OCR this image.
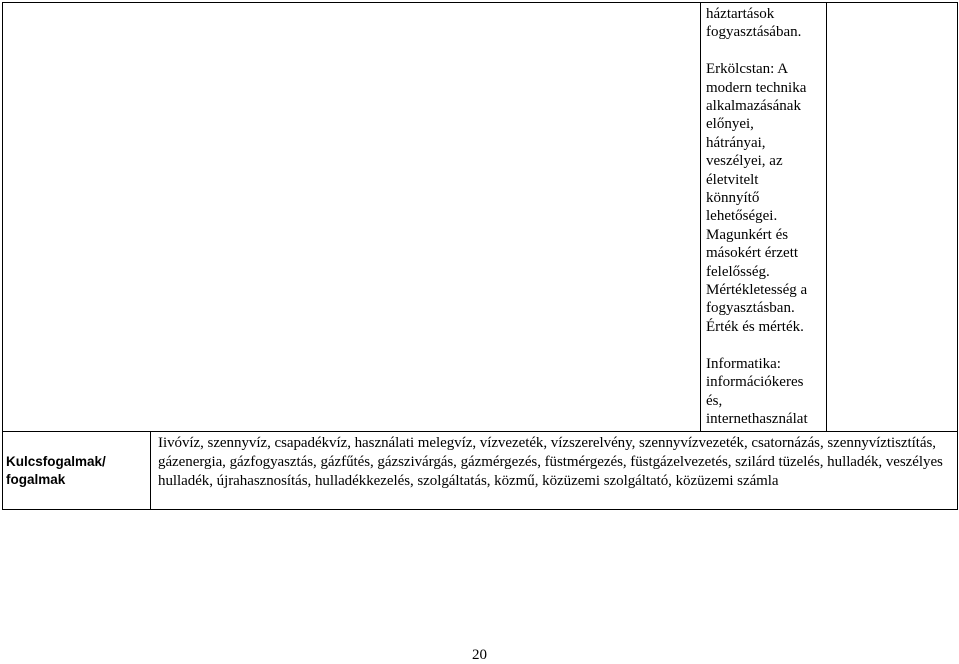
háztartások
fogyasztásában.

Erkölcstan: A
modern technika
alkalmazásának
előnyei,
hátrányai,
veszélyei, az
életvitelt
könnyítő
lehetőségei.
Magunkért és
másokért érzett
felelősség.
Mértékletesség a
fogyasztásban.
Érték és mérték.

Informatika:
információkeres
és,
internethasználat

Kulcsfogalmak/
fogalmak
Iivóvíz, szennyvíz, csapadékvíz, használati melegvíz, vízvezeték, vízszerelvény, szennyvízvezeték, csatornázás, szennyvíztisztítás, gázenergia, gázfogyasztás, gázfűtés, gázszivárgás, gázmérgezés, füstmérgezés, füstgázelvezetés, szilárd tüzelés, hulladék, veszélyes hulladék, újrahasznosítás, hulladékkezelés, szolgáltatás, közmű, közüzemi szolgáltató, közüzemi számla
20
